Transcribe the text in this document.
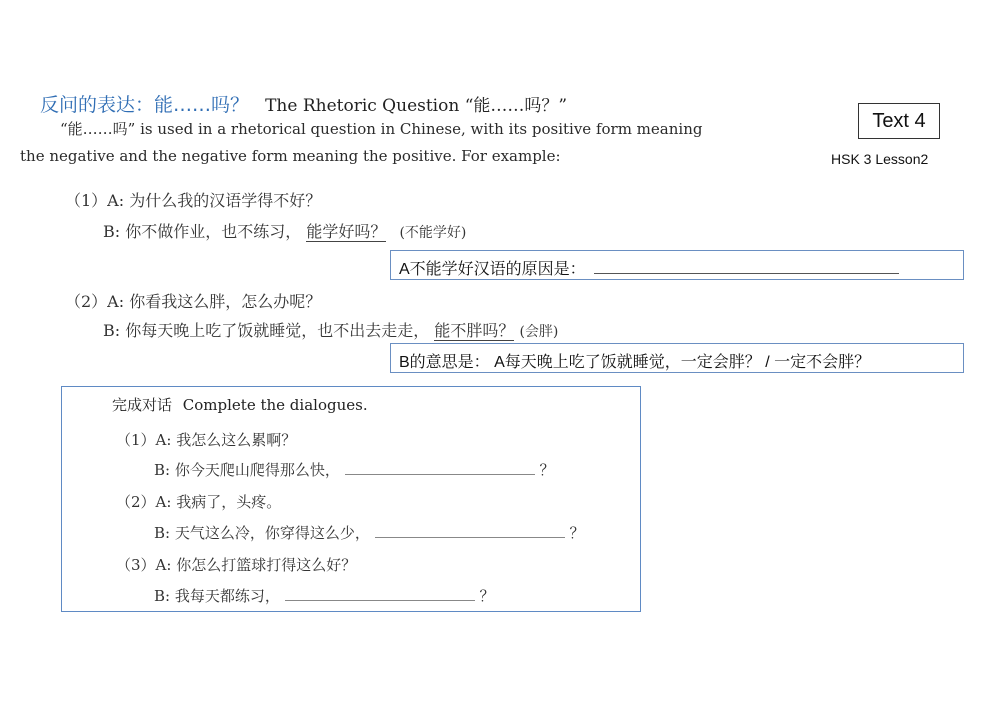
反问的表达：能……吗？ The Rhetoric Question “能……吗？”
“能……吗” is used in a rhetorical question in Chinese, with its positive form meaning
the negative and the negative form meaning the positive. For example:
Text 4
HSK 3 Lesson2
（1）A: 为什么我的汉语学得不好？
B: 你不做作业，也不练习， 能学好吗？ (不能学好)
A不能学好汉语的原因是：
（2）A: 你看我这么胖，怎么办呢？
B: 你每天晚上吃了饭就睡觉，也不出去走走， 能不胖吗？ (会胖)
B的意思是： A每天晚上吃了饭就睡觉，一定会胖？ / 一定不会胖？
完成对话 Complete the dialogues.
（1）A: 我怎么这么累啊？
B: 你今天爬山爬得那么快，	？
（2）A: 我病了，头疼。
B: 天气这么冷，你穿得这么少，	？
（3）A: 你怎么打篮球打得这么好？
B: 我每天都练习，	？
